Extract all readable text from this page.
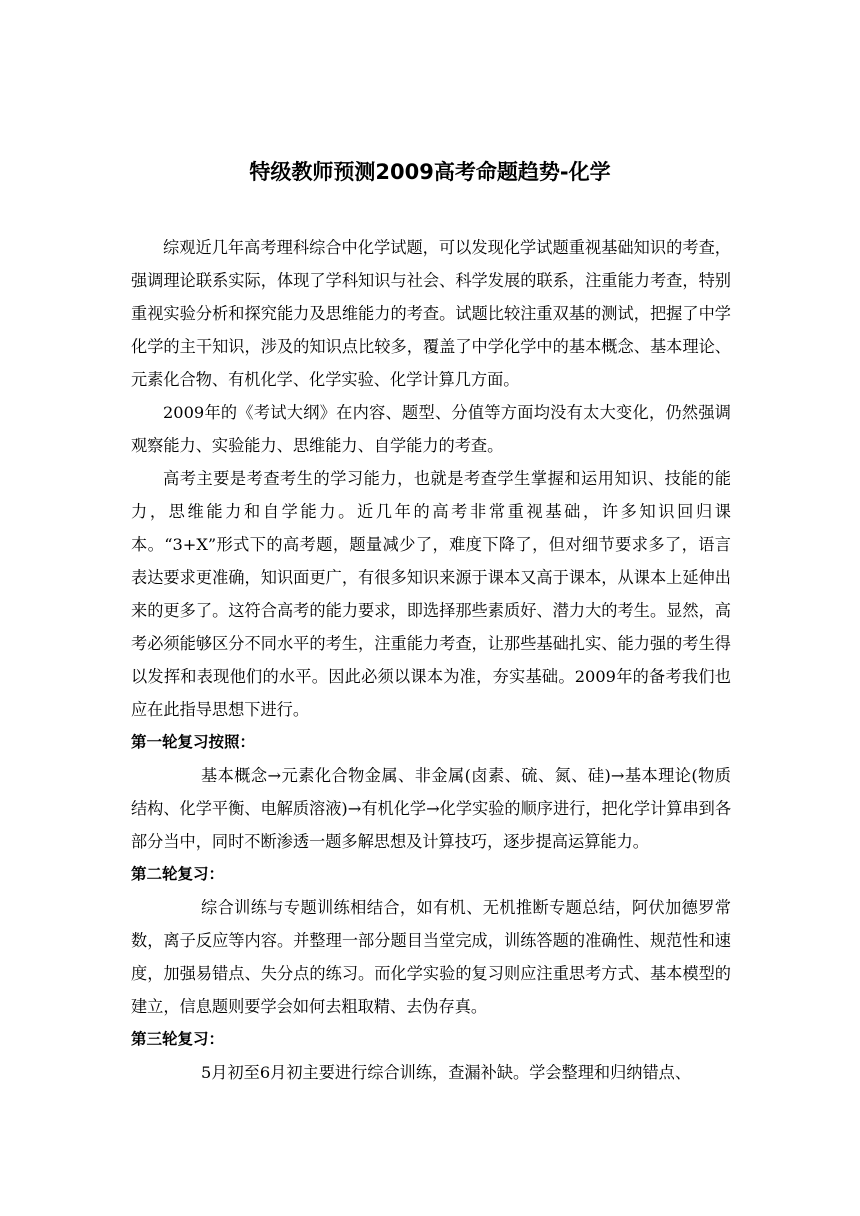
特级教师预测2009高考命题趋势-化学

综观近几年高考理科综合中化学试题，可以发现化学试题重视基础知识的考查，强调理论联系实际，体现了学科知识与社会、科学发展的联系，注重能力考查，特别重视实验分析和探究能力及思维能力的考查。试题比较注重双基的测试，把握了中学化学的主干知识，涉及的知识点比较多，覆盖了中学化学中的基本概念、基本理论、元素化合物、有机化学、化学实验、化学计算几方面。

2009年的《考试大纲》在内容、题型、分值等方面均没有太大变化，仍然强调观察能力、实验能力、思维能力、自学能力的考查。

高考主要是考查考生的学习能力，也就是考查学生掌握和运用知识、技能的能力，思维能力和自学能力。近几年的高考非常重视基础，许多知识回归课本。“3+X”形式下的高考题，题量减少了，难度下降了，但对细节要求多了，语言表达要求更准确，知识面更广，有很多知识来源于课本又高于课本，从课本上延伸出来的更多了。这符合高考的能力要求，即选择那些素质好、潜力大的考生。显然，高考必须能够区分不同水平的考生，注重能力考查，让那些基础扎实、能力强的考生得以发挥和表现他们的水平。因此必须以课本为准，夯实基础。2009年的备考我们也应在此指导思想下进行。

第一轮复习按照：

基本概念→元素化合物金属、非金属(卤素、硫、氮、硅)→基本理论(物质结构、化学平衡、电解质溶液)→有机化学→化学实验的顺序进行，把化学计算串到各部分当中，同时不断渗透一题多解思想及计算技巧，逐步提高运算能力。

第二轮复习：

综合训练与专题训练相结合，如有机、无机推断专题总结，阿伏加德罗常数，离子反应等内容。并整理一部分题目当堂完成，训练答题的准确性、规范性和速度，加强易错点、失分点的练习。而化学实验的复习则应注重思考方式、基本模型的建立，信息题则要学会如何去粗取精、去伪存真。

第三轮复习：

5月初至6月初主要进行综合训练，查漏补缺。学会整理和归纳错点、
